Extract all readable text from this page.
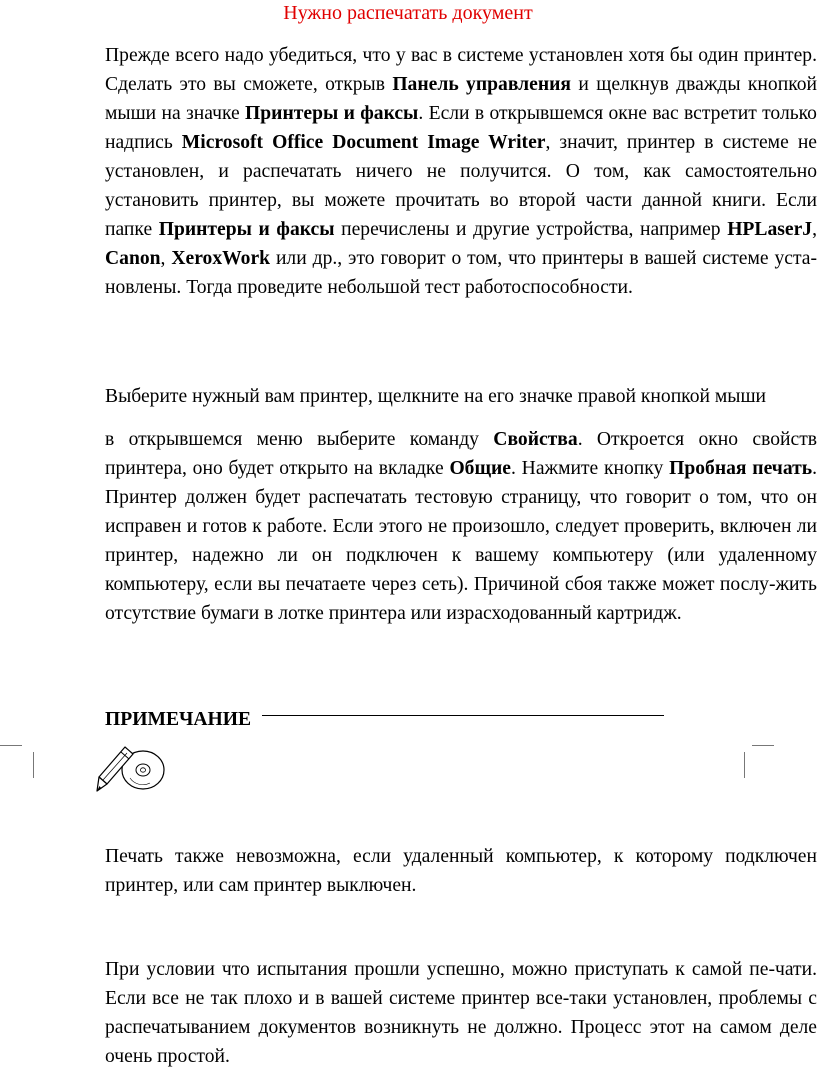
Нужно распечатать документ

Прежде всего надо убедиться, что у вас в системе установлен хотя бы один принтер. Сделать это вы сможете, открыв Панель управления и щелкнув дважды кнопкой мыши на значке Принтеры и факсы. Если в открывшемся окне вас встретит только надпись Microsoft Office Document Image Writer, значит, принтер в системе не установлен, и распечатать ничего не получится. О том, как самостоятельно установить принтер, вы можете прочитать во второй части данной книги. Если папке Принтеры и факсы перечислены и другие устройства, например HPLaserJ, Canon, XeroxWork или др., это говорит о том, что принтеры в вашей системе уста-новлены. Тогда проведите небольшой тест работоспособности.

Выберите нужный вам принтер, щелкните на его значке правой кнопкой мыши

в открывшемся меню выберите команду Свойства. Откроется окно свойств принтера, оно будет открыто на вкладке Общие. Нажмите кнопку Пробная печать. Принтер должен будет распечатать тестовую страницу, что говорит о том, что он исправен и готов к работе. Если этого не произошло, следует проверить, включен ли принтер, надежно ли он подключен к вашему компьютеру (или удаленному компьютеру, если вы печатаете через сеть). Причиной сбоя также может послу-жить отсутствие бумаги в лотке принтера или израсходованный картридж.

ПРИМЕЧАНИЕ

Печать также невозможна, если удаленный компьютер, к которому подключен принтер, или сам принтер выключен.

При условии что испытания прошли успешно, можно приступать к самой пе-чати. Если все не так плохо и в вашей системе принтер все-таки установлен, проблемы с распечатыванием документов возникнуть не должно. Процесс этот на самом деле очень простой.
